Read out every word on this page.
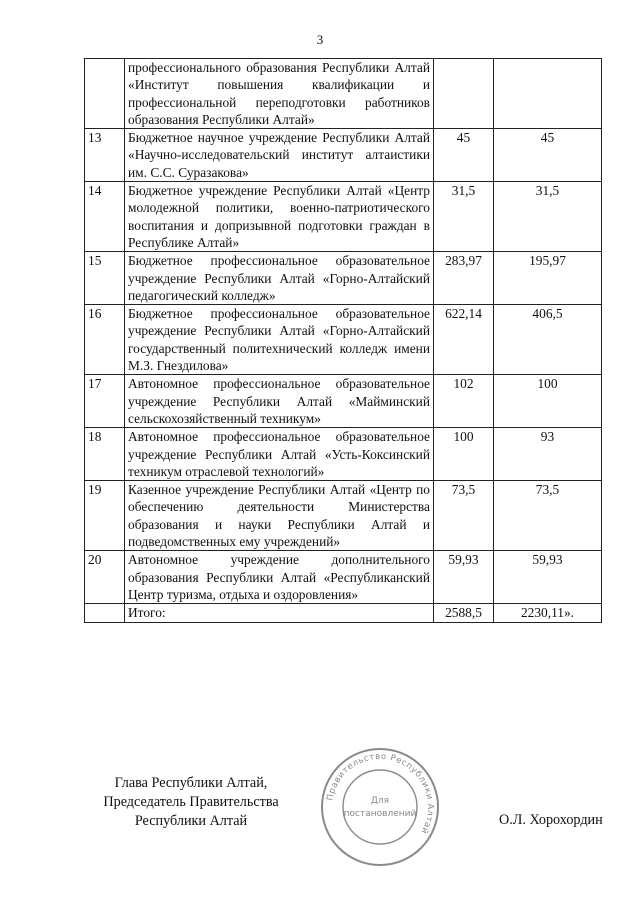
3
	профессионального образования Республики Алтай «Институт повышения квалификации и профессиональной переподготовки работников образования Республики Алтай»		
13	Бюджетное научное учреждение Республики Алтай «Научно-исследовательский институт алтаистики им. С.С. Суразакова»	45	45
14	Бюджетное учреждение Республики Алтай «Центр молодежной политики, военно-патриотического воспитания и допризывной подготовки граждан в Республике Алтай»	31,5	31,5
15	Бюджетное профессиональное образовательное учреждение Республики Алтай «Горно-Алтайский педагогический колледж»	283,97	195,97
16	Бюджетное профессиональное образовательное учреждение Республики Алтай «Горно-Алтайский государственный политехнический колледж имени М.З. Гнездилова»	622,14	406,5
17	Автономное профессиональное образовательное учреждение Республики Алтай «Майминский сельскохозяйственный техникум»	102	100
18	Автономное профессиональное образовательное учреждение Республики Алтай «Усть-Коксинский техникум отраслевой технологий»	100	93
19	Казенное учреждение Республики Алтай «Центр по обеспечению деятельности Министерства образования и науки Республики Алтай и подведомственных ему учреждений»	73,5	73,5
20	Автономное учреждение дополнительного образования Республики Алтай «Республиканский Центр туризма, отдыха и оздоровления»	59,93	59,93
	Итого:	2588,5	2230,11».
Глава Республики Алтай,
Председатель Правительства
Республики Алтай
Правительство Республики Алтай
Для
постановлений	О.Л. Хорохордин
